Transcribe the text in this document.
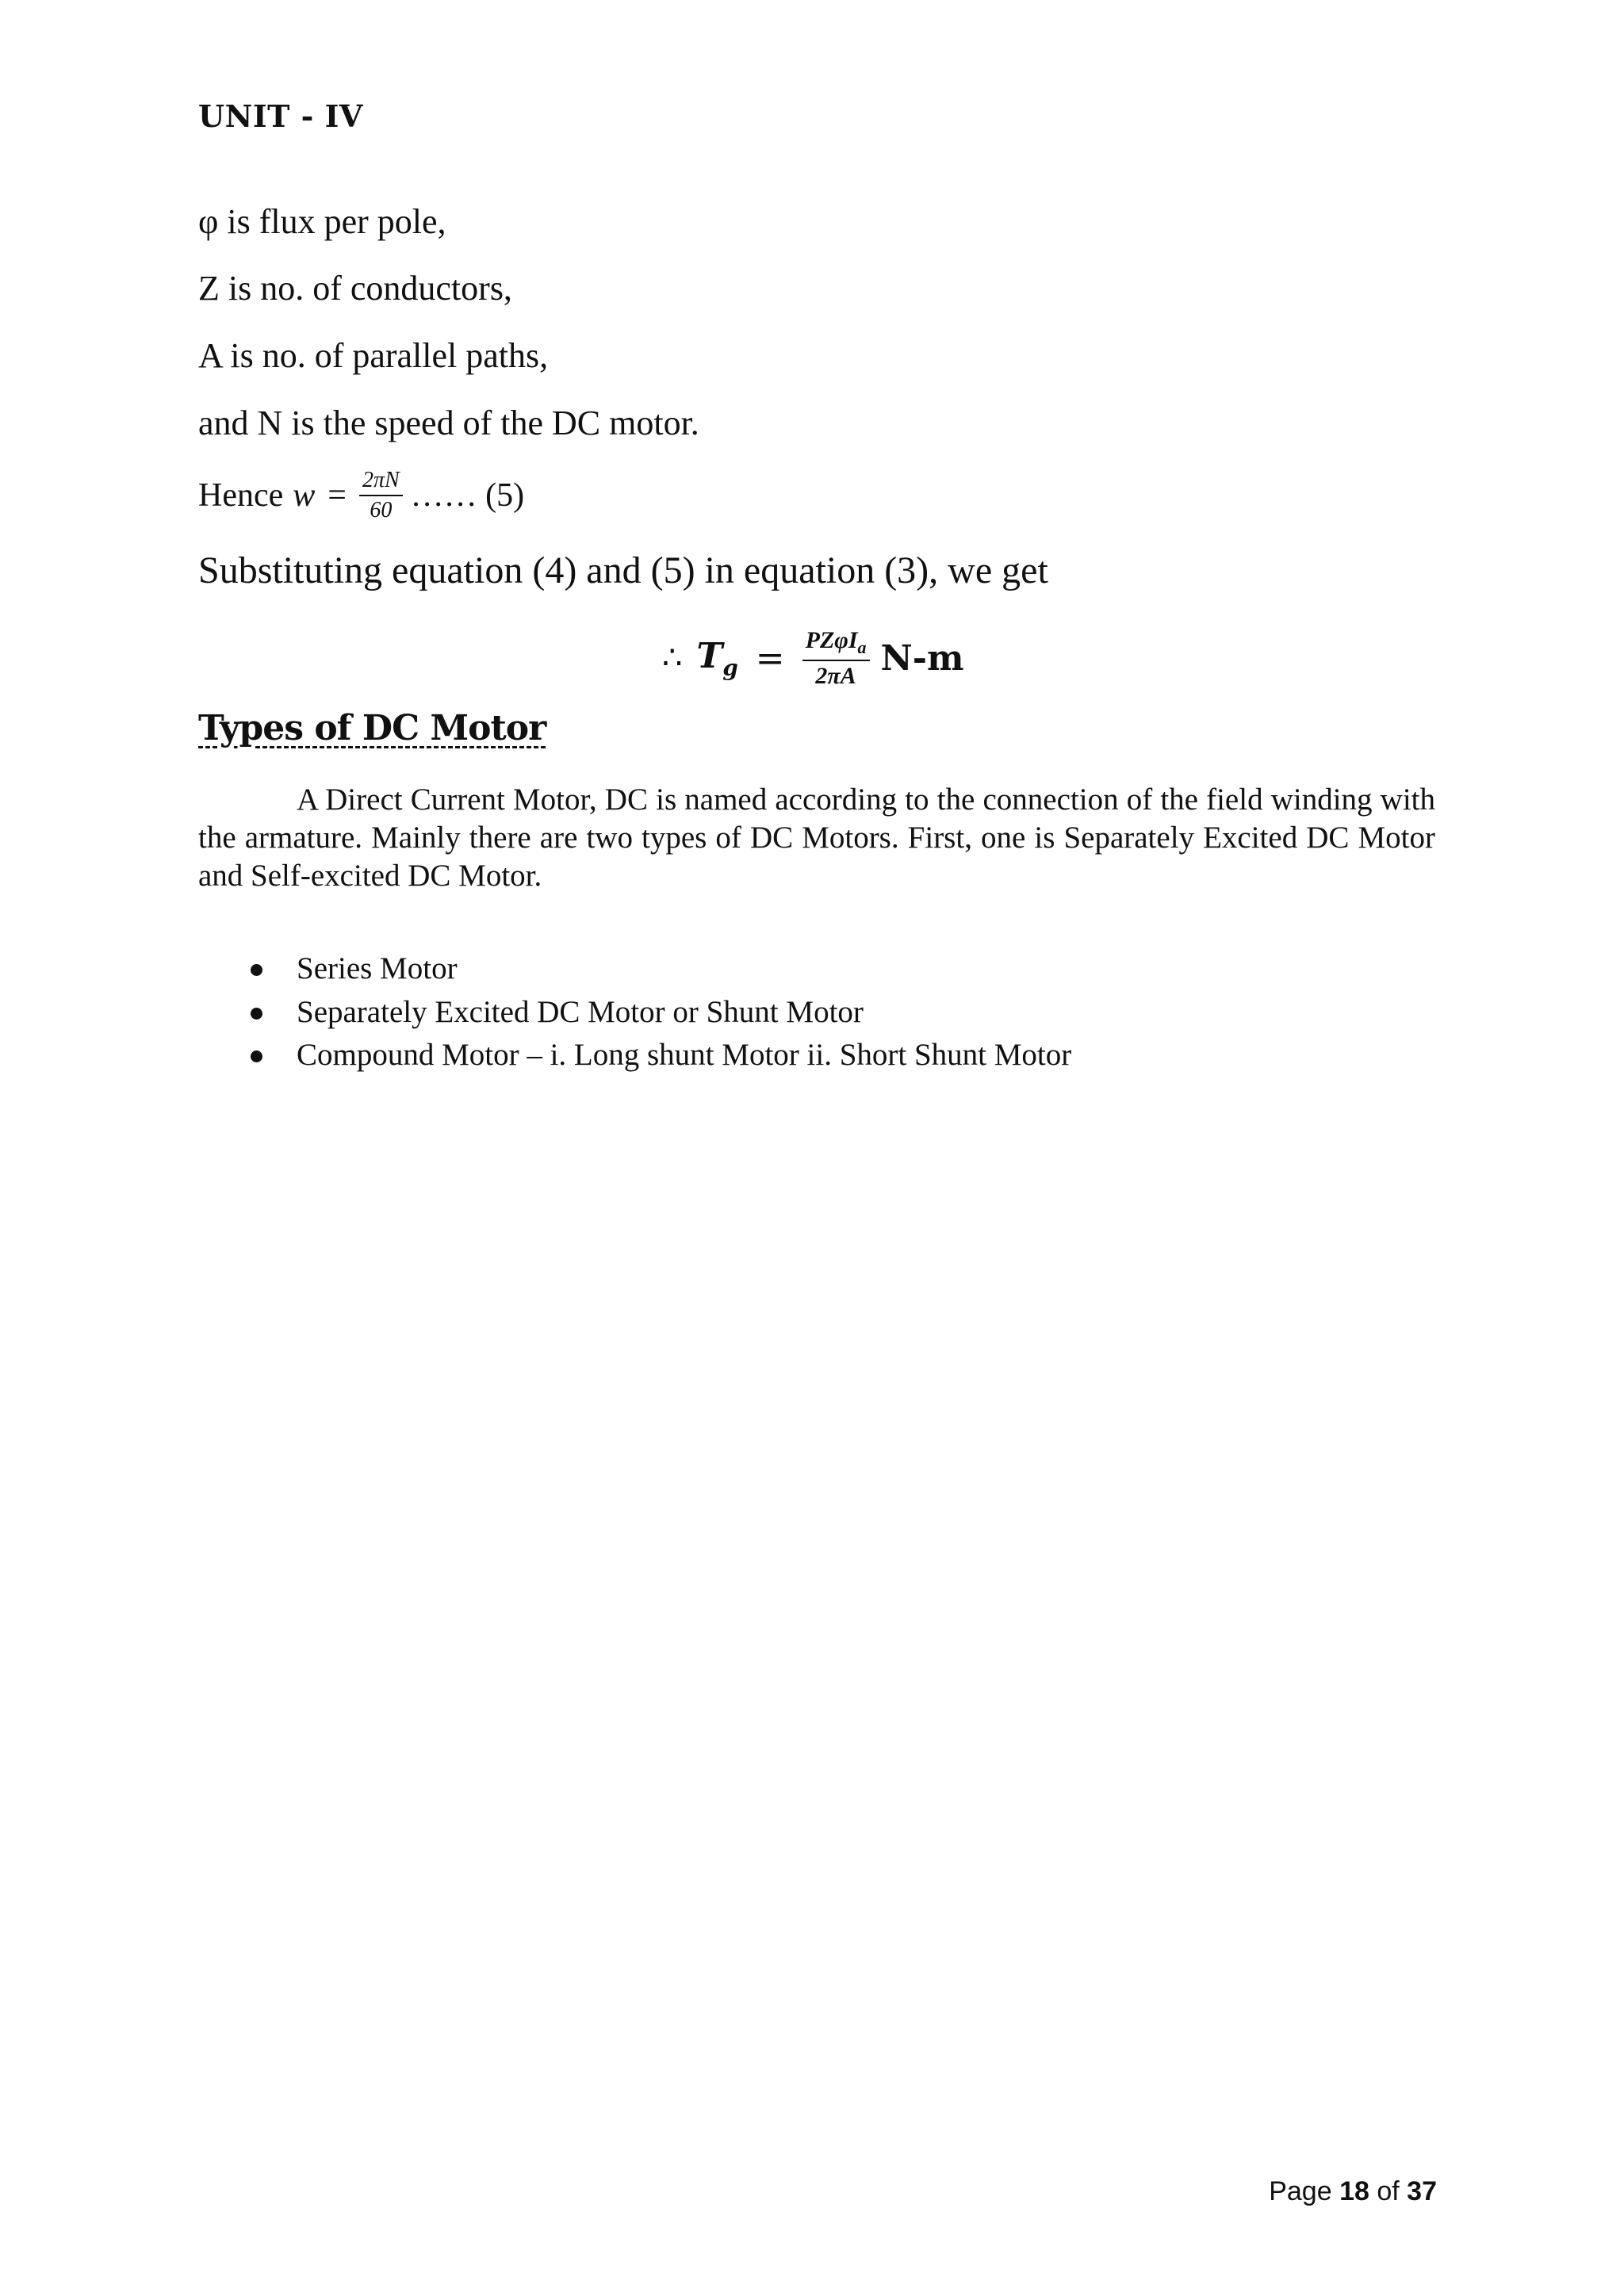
UNIT - IV
φ is flux per pole,
Z is no. of conductors,
A is no. of parallel paths,
and N is the speed of the DC motor.
Hence $w = \frac{2\pi N}{60}$ …… (5)
Substituting equation (4) and (5) in equation (3), we get
∴ $T_g = \frac{PZ\varphi I_a}{2\pi A} N-m$
Types of DC Motor
A Direct Current Motor, DC is named according to the connection of the field winding with the armature. Mainly there are two types of DC Motors. First, one is Separately Excited DC Motor and Self-excited DC Motor.
Series Motor
Separately Excited DC Motor or Shunt Motor
Compound Motor – i. Long shunt Motor ii. Short Shunt Motor
Page 18 of 37
